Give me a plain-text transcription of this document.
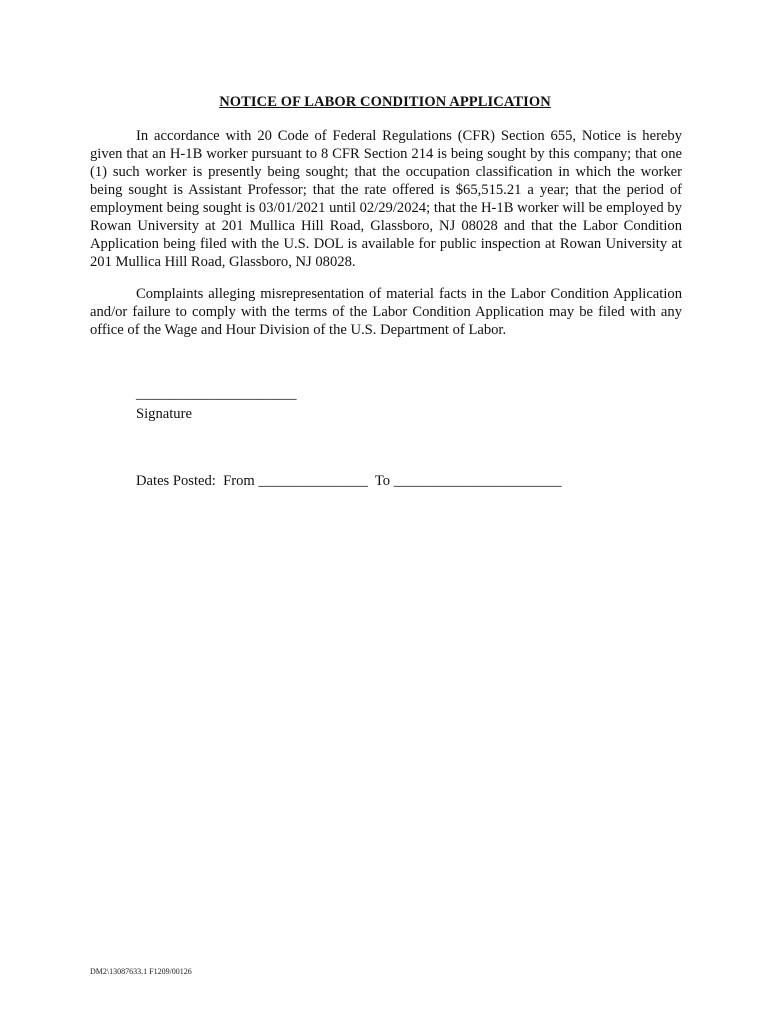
NOTICE OF LABOR CONDITION APPLICATION

In accordance with 20 Code of Federal Regulations (CFR) Section 655, Notice is hereby given that an H-1B worker pursuant to 8 CFR Section 214 is being sought by this company; that one (1) such worker is presently being sought; that the occupation classification in which the worker being sought is Assistant Professor; that the rate offered is $65,515.21 a year; that the period of employment being sought is 03/01/2021 until 02/29/2024; that the H-1B worker will be employed by Rowan University at 201 Mullica Hill Road, Glassboro, NJ 08028 and that the Labor Condition Application being filed with the U.S. DOL is available for public inspection at Rowan University at 201 Mullica Hill Road, Glassboro, NJ 08028.

Complaints alleging misrepresentation of material facts in the Labor Condition Application and/or failure to comply with the terms of the Labor Condition Application may be filed with any office of the Wage and Hour Division of the U.S. Department of Labor.

______________________
Signature
Dates Posted:  From _______________  To _______________________
DM2\13087633.1 F1209/00126
